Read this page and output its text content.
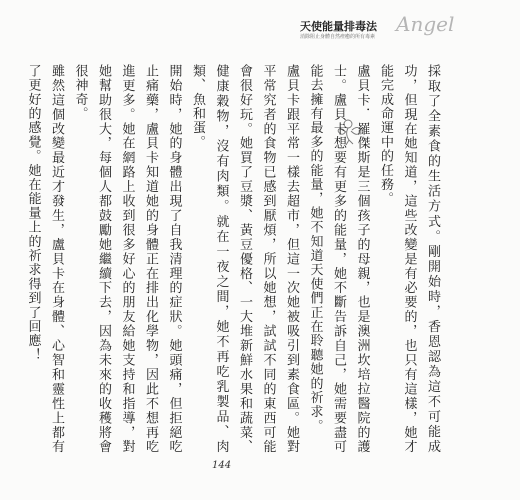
Angel
天使能量排毒法
消除阻止身體自然痊癒的所有毒素

採取了全素食的生活方式。剛開始時，香恩認為這不可能成功，但現在她知道，這些改變是有必要的，也只有這樣，她才能完成命運中的任務。

盧貝卡．羅傑斯是三個孩子的母親，也是澳洲坎培拉醫院的護士。盧貝卡想要有更多的能量，她不斷告訴自己，她需要盡可能去擁有最多的能量，她不知道天使們正在聆聽她的祈求。

盧貝卡跟平常一樣去超市，但這一次她被吸引到素食區。她對平常究者的食物已感到厭煩，所以她想，試試不同的東西可能會很好玩。她買了豆漿、黃豆優格、一大堆新鮮水果和蔬菜、健康穀物，沒有肉類。就在一夜之間，她不再吃乳製品、肉類、魚和蛋。

開始時，她的身體出現了自我清理的症狀。她頭痛，但拒絕吃止痛藥，盧貝卡知道她的身體正在排出化學物，因此不想再吃進更多。她在網路上收到很多好心的朋友給她支持和指導，對她幫助很大，每個人都鼓勵她繼續下去，因為未來的收穫將會很神奇。

雖然這個改變最近才發生，盧貝卡在身體、心智和靈性上都有了更好的感覺。她在能量上的祈求得到了回應！

144
